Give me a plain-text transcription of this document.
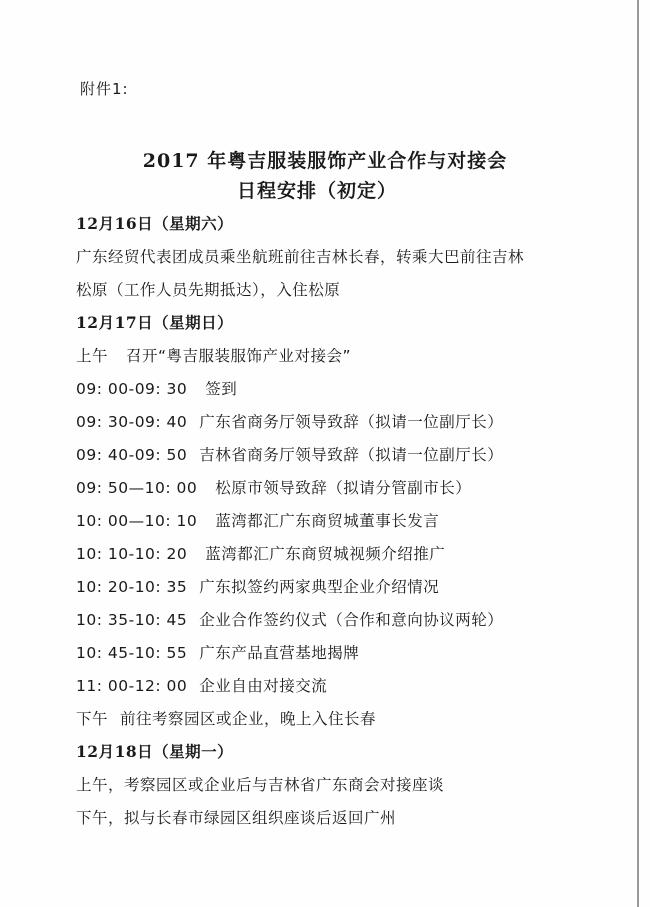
附件1:
2017 年粤吉服装服饰产业合作与对接会
日程安排（初定）
12月16日（星期六）
广东经贸代表团成员乘坐航班前往吉林长春，转乘大巴前往吉林
松原（工作人员先期抵达），入住松原
12月17日（星期日）
上午 召开“粤吉服装服饰产业对接会”
09: 00-09: 30 签到
09: 30-09: 40 广东省商务厅领导致辞（拟请一位副厅长）
09: 40-09: 50 吉林省商务厅领导致辞（拟请一位副厅长）
09: 50—10: 00 松原市领导致辞（拟请分管副市长）
10: 00—10: 10 蓝湾都汇广东商贸城董事长发言
10: 10-10: 20 蓝湾都汇广东商贸城视频介绍推广
10: 20-10: 35 广东拟签约两家典型企业介绍情况
10: 35-10: 45 企业合作签约仪式（合作和意向协议两轮）
10: 45-10: 55 广东产品直营基地揭牌
11: 00-12: 00 企业自由对接交流
下午 前往考察园区或企业，晚上入住长春
12月18日（星期一）
上午，考察园区或企业后与吉林省广东商会对接座谈
下午，拟与长春市绿园区组织座谈后返回广州
